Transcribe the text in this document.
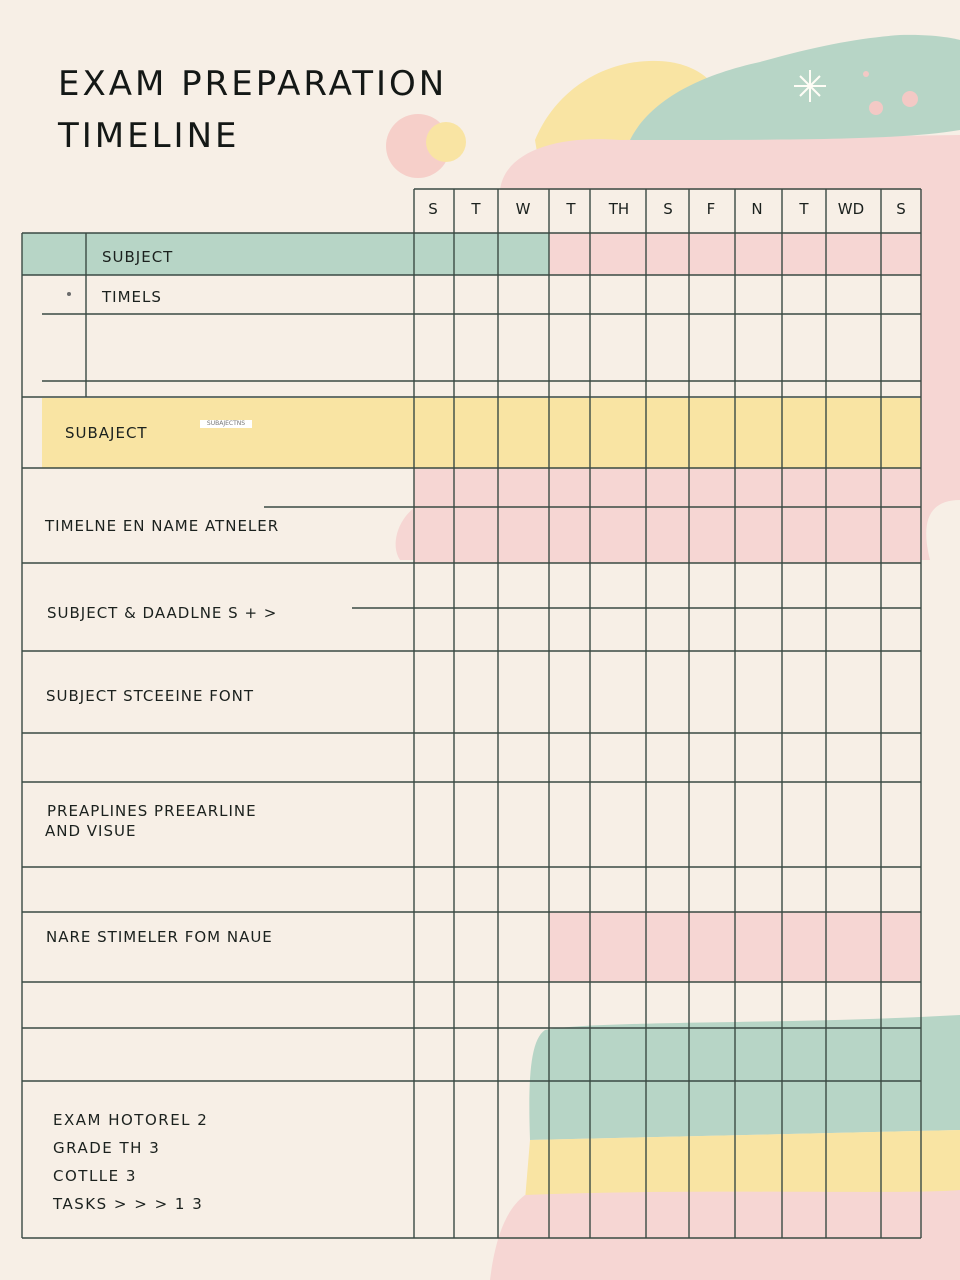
EXAM PREPARATION
TIMELINE
S	T	W	T	TH	S	F	N	T	WD	S
SUBJECT
TIMELS
SUBAJECT
SUBAJECTNS
TIMELNE EN NAME ATNELER
SUBJECT & DAADLNE S + >
SUBJECT STCEEINE FONT
PREAPLINES PREEARLINE
AND VISUE
NARE STIMELER FOM NAUE
EXAM HOTOREL 2
GRADE TH 3
COTLLE 3
TASKS > > > 1 3
